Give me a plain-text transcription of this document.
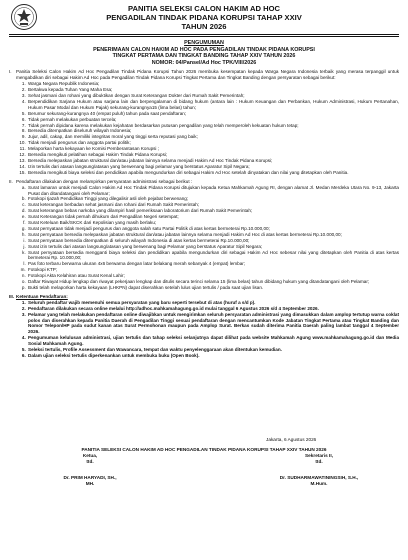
PANITIA SELEKSI CALON HAKIM AD HOC
PENGADILAN TINDAK PIDANA KORUPSI TAHAP XXIV
TAHUN 2026
PENGUMUMAN
PENERIMAAN CALON HAKIM AD HOC PADA PENGADILAN TINDAK PIDANA KORUPSI
TINGKAT PERTAMA DAN TINGKAT BANDING TAHAP XXIV TAHUN 2026
NOMOR: 04/Pansel/Ad Hoc TPK/VIII/2026
I. Panitia Seleksi Calon Hakim Ad Hoc Pengadilan Tindak Pidana Korupsi Tahun 2026 membuka kesempatan kepada Warga Negara Indonesia terbaik yang merasa terpanggil untuk mengabdikan diri sebagai Hakim Ad Hoc pada Pengadilan Tindak Pidana Korupsi Tingkat Pertama dan Tingkat Banding dengan persyaratan sebagai berikut:
1. Warga Negara Republik Indonesia;
2. Bertakwa kepada Tuhan Yang Maha Esa;
3. Sehat jasmani dan rohani yang dibuktikan dengan Surat Keterangan Dokter dari Rumah Sakit Pemerintah;
4. Berpendidikan Sarjana Hukum atau sarjana lain dan berpengalaman di bidang hukum (antara lain : Hukum Keuangan dan Perbankan, Hukum Administrasi, Hukum Pertanahan, Hukum Pasar Modal dan Hukum Pajak) sekurang-kurangnya15 (lima belas) tahun;
5. Berumur sekurang-kurangnya 40 (empat puluh) tahun pada saat pendaftaran;
6. Tidak pernah melakukan perbuatan tercela;
7. Tidak pernah dipidana karena melakukan kejahatan berdasarkan putusan pengadilan yang telah memperoleh kekuatan hukum tetap;
8. Bersedia ditempatkan diseluruh wilayah Indonesia;
9. Jujur, adil, cakap, dan memiliki integritas moral yang tinggi serta reputasi yang baik;
10. Tidak menjadi pengurus dan anggota partai politik;
11. Melaporkan harta kekayaan ke Komisi Pemberantasan Korupsi ;
12. Bersedia mengikuti pelatihan sebagai Hakim Tindak Pidana Korupsi;
13. Bersedia melepaskan jabatan struktural dan/atau jabatan lainnya selama menjadi Hakim Ad Hoc Tindak Pidana Korupsi;
14. Izin tertulis dari atasan langsung/atasan yang berwenang bagi pelamar yang berstatus Aparatur Sipil Negara;
15. Bersedia mengikuti biaya seleksi dan pendidikan apabila mengundurkan diri sebagai Hakim Ad Hoc setelah dinyatakan dan nilai yang ditetapkan oleh Panitia.
II. Pendaftaran dilakukan dengan melampirkan persyaratan administrasi sebagai berikut :
a. Surat lamaran untuk menjadi Calon Hakim Ad Hoc Tindak Pidana Korupsi ditujukan kepada Ketua Mahkamah Agung RI, dengan alamat Jl. Medan Merdeka Utara No. 9-13, Jakarta Pusat dan ditandatangani oleh Pelamar;
b. Fotokopi Ijazah Pendidikan Tinggi yang dilegalisir asli oleh pejabat berwenang;
c. Surat keterangan berbadan sehat jasmani dan rohani dari Rumah Sakit Pemerintah;
d. Surat keterangan bebas narkoba yang dilampiri hasil pemeriksaan laboratorium dari Rumah Sakit Pemerintah;
e. Surat Keterangan tidak pernah dihukum dari Pengadilan Negeri setempat;
f. Surat Keteluan Baik/SKCK dari Kepolisian yang masih berlaku;
g. Surat pernyataan tidak menjadi pengurus dan anggota salah satu Partai Politik di atas kertas bermeterai Rp.10.000,00;
h. Surat pernyataan bersedia melepaskan jabatan struktural dan/atau jabatan lainnya selama menjadi Hakim Ad Hoc di atas kertas bermeterai Rp.10.000,00;
i. Surat pernyataan bersedia ditempatkan di seluruh wilayah Indonesia di atas kertas bermeterai Rp.10.000,00;
j. Surat izin tertulis dari atasan langsung/atasan yang berwenang bagi Pelamar yang berstatus Aparatur Sipil Negara;
k. Surat pernyataan bersedia mengganti biaya seleksi dan pendidikan apabila mengundurkan diri sebagai Hakim Ad Hoc sebesar nilai yang ditetapkan oleh Panitia di atas kertas bermeterai Rp. 10.000,00;
l. Pas foto terbaru berwarna ukuran 4x6 berwarna dengan latar belakang merah sebanyak 4 (empat) lembar;
m. Fotokopi KTP;
n. Fotokopi Akta Kelahiran atau Surat Kenal Lahir;
o. Daftar Riwayat Hidup lengkap dan riwayat pekerjaan lengkap dan ditulis secara terinci selama 15 (lima belas) tahun dibidang hukum yang ditandatangani oleh Pelamar;
p. Bukti telah melaporkan harta kekayaan (LHKPN) dapat diserahkan setelah lulus ujian tertulis / pada saat ujian lisan.
III. Ketentuan Pendaftaran:
1. Seluruh pendaftar wajib memenuhi semua persyaratan yang baru seperti tersebut di atas (huruf a s/d p).
2. Pendaftaran dilakukan secara online melalui http://adhoc.mahkamahagung.go.id mulai tanggal 6 Agustus 2026 s/d 4 September 2026.
3. Pelamar yang telah melakukan pendaftaran online diwajibkan untuk mengirimkan seluruh persyaratan administrasi yang dimasukkan dalam amplop tertutup warna coklat polos dan diserahkan kepada Panitia Daerah di Pengadilan Tinggi sesuai pendaftaran dengan mencantumkan Kode Jabatan Tingkat Pertama atau Tingkat Banding dan Nomor Telepon/HP pada sudut kanan atas Surat Permohonan maupun pada Amplop Surat. Berkas sudah diterima Panitia Daerah paling lambat tanggal 4 September 2026.
4. Pengumuman kelulusan administrasi, ujian tertulis dan tahap seleksi selanjutnya dapat dilihat pada website Mahkamah Agung www.mahkamahagung.go.id dan Media Sosial Mahkamah Agung.
5. Seleksi tertulis, Profile Assessment dan Wawancara, tempat dan waktu penyelenggaraan akan ditentukan kemudian.
6. Dalam ujian seleksi tertulis diperkenankan untuk membuka buku (Open Book).
Jakarta, 6 Agustus 2026
PANITIA SELEKSI CALON HAKIM AD HOC PENGADILAN TINDAK PIDANA KORUPSI TAHAP XXIV TAHUN 2026
Ketua,
ttd.
Dr. PRIM HARYADI, SH., MH.
Sekretaris II,
ttd.
Dr. SUDHARMAWATININGSIH, S.H., M.Hum.
